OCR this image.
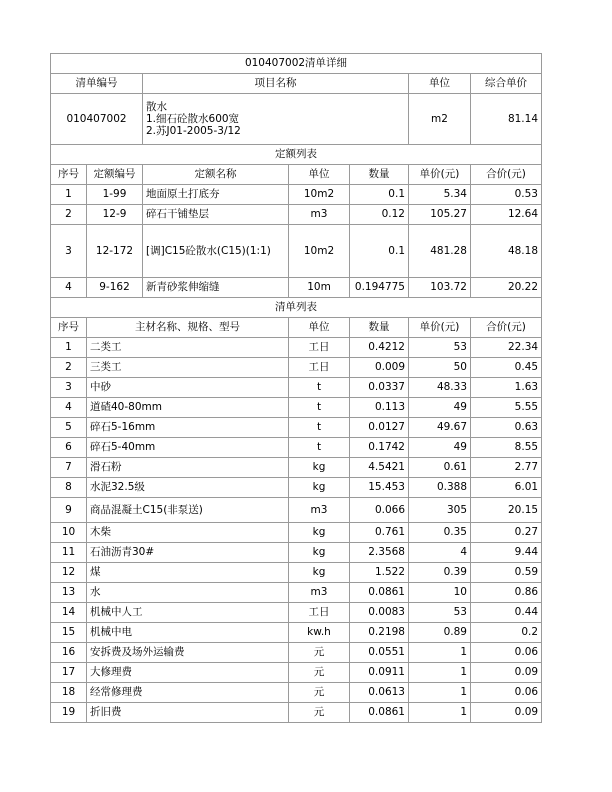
010407002清单详细			
清单编号	项目名称	单位	综合单价
010407002	散水
1.细石砼散水600宽
2.苏J01-2005-3/12	m2	81.14
定额列表						
序号	定额编号	定额名称	单位	数量	单价(元)	合价(元)
1	1-99	地面原土打底夯	10m2	0.1	5.34	0.53
2	12-9	碎石干铺垫层	m3	0.12	105.27	12.64
3	12-172	[调]C15砼散水(C15)(1:1)	10m2	0.1	481.28	48.18
4	9-162	新青砂浆伸缩缝	10m	0.194775	103.72	20.22
清单列表					
序号	主材名称、规格、型号	单位	数量	单价(元)	合价(元)
1	二类工	工日	0.4212	53	22.34
2	三类工	工日	0.009	50	0.45
3	中砂	t	0.0337	48.33	1.63
4	道碴40-80mm	t	0.113	49	5.55
5	碎石5-16mm	t	0.0127	49.67	0.63
6	碎石5-40mm	t	0.1742	49	8.55
7	滑石粉	kg	4.5421	0.61	2.77
8	水泥32.5级	kg	15.453	0.388	6.01
9	商品混凝土C15(非泵送)	m3	0.066	305	20.15
10	木柴	kg	0.761	0.35	0.27
11	石油沥青30#	kg	2.3568	4	9.44
12	煤	kg	1.522	0.39	0.59
13	水	m3	0.0861	10	0.86
14	机械中人工	工日	0.0083	53	0.44
15	机械中电	kw.h	0.2198	0.89	0.2
16	安拆费及场外运输费	元	0.0551	1	0.06
17	大修理费	元	0.0911	1	0.09
18	经常修理费	元	0.0613	1	0.06
19	折旧费	元	0.0861	1	0.09
